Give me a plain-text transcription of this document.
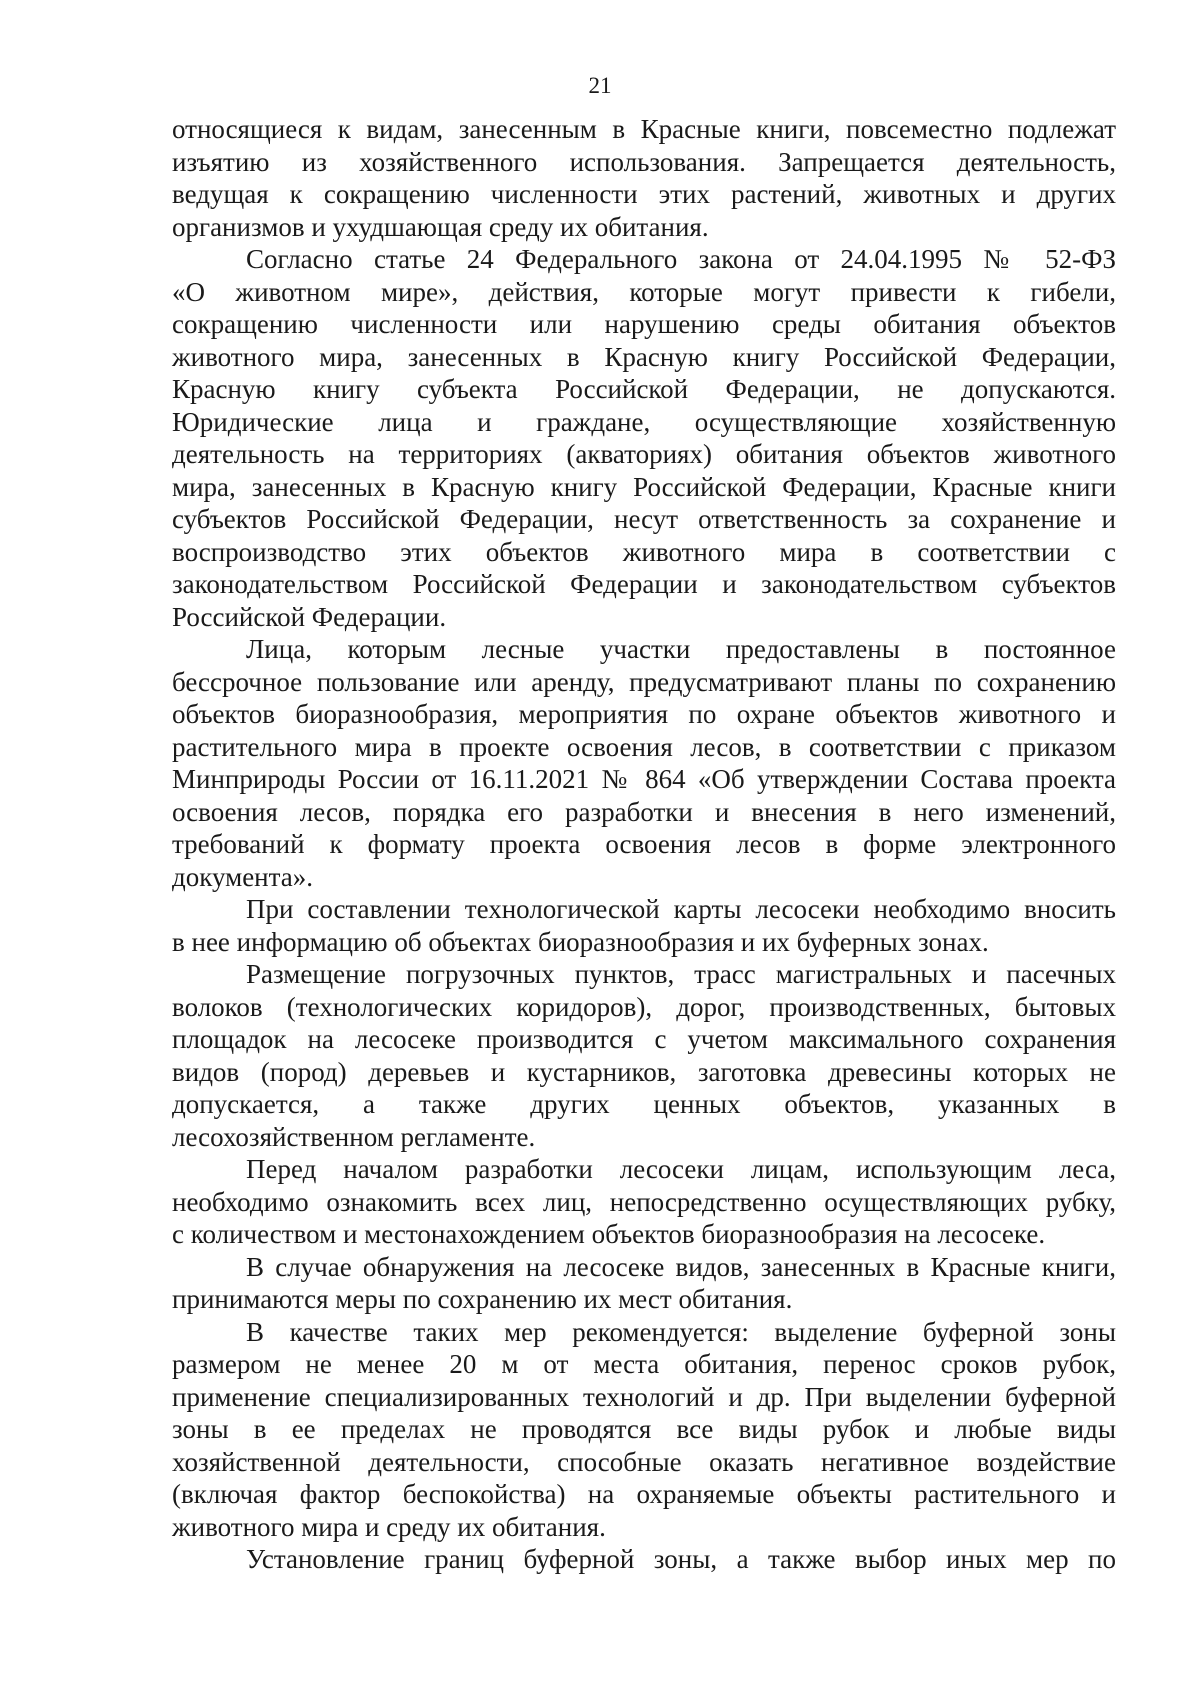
21
относящиеся к видам, занесенным в Красные книги, повсеместно подлежат
изъятию из хозяйственного использования. Запрещается деятельность,
ведущая к сокращению численности этих растений, животных и других
организмов и ухудшающая среду их обитания.
Согласно статье 24 Федерального закона от 24.04.1995 № 52-ФЗ
«О животном мире», действия, которые могут привести к гибели,
сокращению численности или нарушению среды обитания объектов
животного мира, занесенных в Красную книгу Российской Федерации,
Красную книгу субъекта Российской Федерации, не допускаются.
Юридические лица и граждане, осуществляющие хозяйственную
деятельность на территориях (акваториях) обитания объектов животного
мира, занесенных в Красную книгу Российской Федерации, Красные книги
субъектов Российской Федерации, несут ответственность за сохранение и
воспроизводство этих объектов животного мира в соответствии с
законодательством Российской Федерации и законодательством субъектов
Российской Федерации.
Лица, которым лесные участки предоставлены в постоянное
бессрочное пользование или аренду, предусматривают планы по сохранению
объектов биоразнообразия, мероприятия по охране объектов животного и
растительного мира в проекте освоения лесов, в соответствии с приказом
Минприроды России от 16.11.2021 № 864 «Об утверждении Состава проекта
освоения лесов, порядка его разработки и внесения в него изменений,
требований к формату проекта освоения лесов в форме электронного
документа».
При составлении технологической карты лесосеки необходимо вносить
в нее информацию об объектах биоразнообразия и их буферных зонах.
Размещение погрузочных пунктов, трасс магистральных и пасечных
волоков (технологических коридоров), дорог, производственных, бытовых
площадок на лесосеке производится с учетом максимального сохранения
видов (пород) деревьев и кустарников, заготовка древесины которых не
допускается, а также других ценных объектов, указанных в
лесохозяйственном регламенте.
Перед началом разработки лесосеки лицам, использующим леса,
необходимо ознакомить всех лиц, непосредственно осуществляющих рубку,
с количеством и местонахождением объектов биоразнообразия на лесосеке.
В случае обнаружения на лесосеке видов, занесенных в Красные книги,
принимаются меры по сохранению их мест обитания.
В качестве таких мер рекомендуется: выделение буферной зоны
размером не менее 20 м от места обитания, перенос сроков рубок,
применение специализированных технологий и др. При выделении буферной
зоны в ее пределах не проводятся все виды рубок и любые виды
хозяйственной деятельности, способные оказать негативное воздействие
(включая фактор беспокойства) на охраняемые объекты растительного и
животного мира и среду их обитания.
Установление границ буферной зоны, а также выбор иных мер по
